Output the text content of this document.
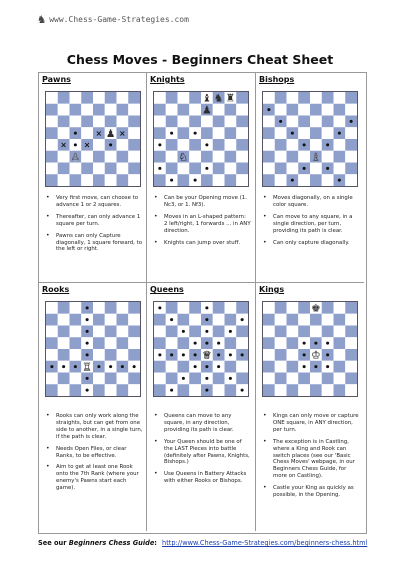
♞ www.Chess-Game-Strategies.com
Chess Moves - Beginners Cheat Sheet
Pawns
♙
♟
× ×
× ×
• Very first move, can choose to advance 1 or 2 squares.
• Thereafter, can only advance 1 square per turn.
• Pawns can only Capture diagonally, 1 square forward, to the left or right.
Knights
♘
♝ ♞ ♜
♟
• Can be your Opening move (1. Nc3, or 1. Nf3).
• Moves in an L-shaped pattern: 2 left/right, 1 forwards ... in ANY direction.
• Knights can jump over stuff.
Bishops
♗
• Moves diagonally, on a single color square.
• Can move to any square, in a single direction, per turn, providing its path is clear.
• Can only capture diagonally.
Rooks
♖
• Rooks can only work along the straights, but can get from one side to another, in a single turn, if the path is clear.
• Needs Open Files, or clear Ranks, to be effective.
• Aim to get at least one Rook onto the 7th Rank (where your enemy's Pawns start each game).
Queens
♕
• Queens can move to any square, in any direction, providing its path is clear.
• Your Queen should be one of the LAST Pieces into battle (definitely after Pawns, Knights, Bishops.)
• Use Queens in Battery Attacks with either Rooks or Bishops.
Kings
♚
♔
• Kings can only move or capture ONE square, in ANY direction, per turn.
• The exception is in Castling, where a King and Rook can switch places (see our 'Basic Chess Moves' webpage, in our Beginners Chess Guide, for more on Castling).
• Castle your King as quickly as possible, in the Opening.
See our Beginners Chess Guide: http://www.Chess-Game-Strategies.com/beginners-chess.html
